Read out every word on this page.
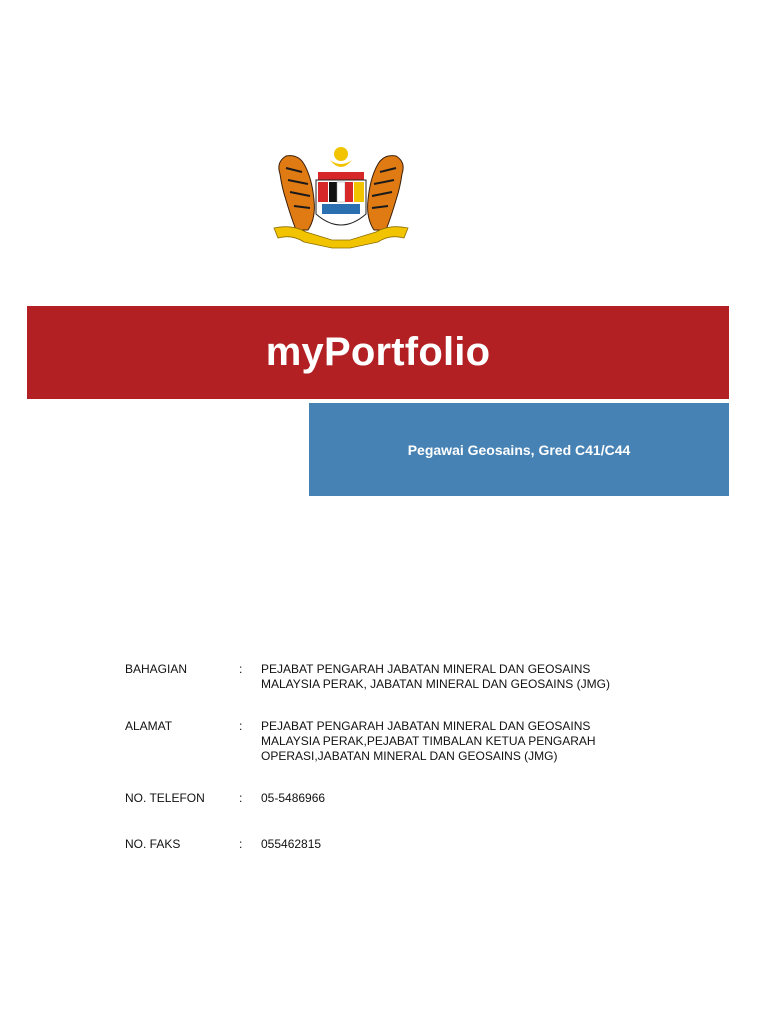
myPortfolio
Pegawai Geosains, Gred C41/C44
BAHAGIAN	:	PEJABAT PENGARAH JABATAN MINERAL DAN GEOSAINS
MALAYSIA PERAK, JABATAN MINERAL DAN GEOSAINS (JMG)
ALAMAT	:	PEJABAT PENGARAH JABATAN MINERAL DAN GEOSAINS
MALAYSIA PERAK,PEJABAT TIMBALAN KETUA PENGARAH
OPERASI,JABATAN MINERAL DAN GEOSAINS (JMG)
NO. TELEFON	:	05-5486966
NO. FAKS	:	055462815
